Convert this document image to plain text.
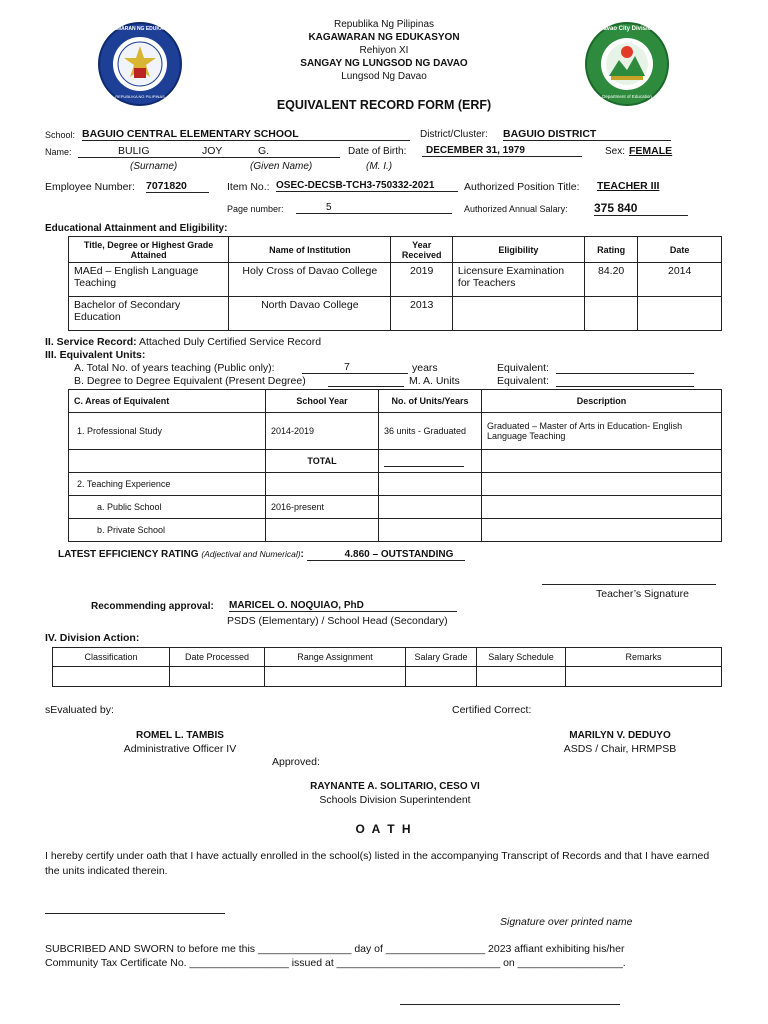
KAGAWARAN NG EDUKASYON
REPUBLIKA NG PILIPINAS
Davao City Division
Department of Education
Republika Ng Pilipinas
KAGAWARAN NG EDUKASYON
Rehiyon XI
SANGAY NG LUNGSOD NG DAVAO
Lungsod Ng Davao
EQUIVALENT RECORD FORM (ERF)
School: BAGUIO CENTRAL ELEMENTARY SCHOOL	District/Cluster: BAGUIO DISTRICT
Name:	BULIG	JOY	G.	Date of Birth:	DECEMBER 31, 1979	Sex: FEMALE
(Surname)	(Given Name)	(M. I.)
Employee Number: 7071820	Item No.: OSEC-DECSB-TCH3-750332-2021	Authorized Position Title: TEACHER III
Page number:	5	Authorized Annual Salary: 375 840
Educational Attainment and Eligibility:
Title, Degree or Highest Grade Attained	Name of Institution	Year Received	Eligibility	Rating	Date
MAEd – English Language Teaching	Holy Cross of Davao College	2019	Licensure Examination for Teachers	84.20	2014
Bachelor of Secondary Education	North Davao College	2013			
II. Service Record: Attached Duly Certified Service Record
III. Equivalent Units:
A. Total No. of years teaching (Public only):	7	years	Equivalent:
B. Degree to Degree Equivalent (Present Degree)	M. A. Units	Equivalent:
C. Areas of Equivalent	School Year	No. of Units/Years	Description
1. Professional Study	2014-2019	36 units - Graduated	Graduated – Master of Arts in Education- English Language Teaching
	TOTAL	

2. Teaching Experience			
a. Public School	2016-present		
b. Private School			
LATEST EFFICIENCY RATING (Adjectival and Numerical):	4.860 – OUTSTANDING
Teacher’s Signature
Recommending approval: MARICEL O. NOQUIAO, PhD
PSDS (Elementary) / School Head (Secondary)
IV. Division Action:
Classification	Date Processed	Range Assignment	Salary Grade	Salary Schedule	Remarks

sEvaluated by:	Certified Correct:
ROMEL L. TAMBIS
Administrative Officer IV
MARILYN V. DEDUYO
ASDS / Chair, HRMPSB
Approved:
RAYNANTE A. SOLITARIO, CESO VI
Schools Division Superintendent
O A T H
I hereby certify under oath that I have actually enrolled in the school(s) listed in the accompanying Transcript of Records and that I have earned the units indicated therein.
Signature over printed name
SUBCRIBED AND SWORN to before me this ________________ day of _________________ 2023 affiant exhibiting his/her
Community Tax Certificate No. _________________ issued at ____________________________ on __________________.
